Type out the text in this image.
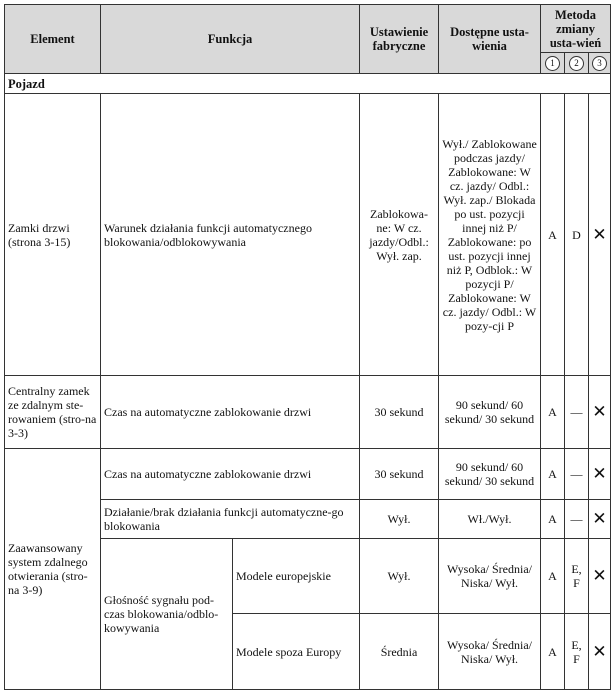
Element	Funkcja		Ustawienie fabryczne	Dostępne usta-wienia	Metoda zmiany usta-wień		
					1	2	3
Pojazd							
Zamki drzwi (strona 3-15)	Warunek działania funkcji automatycznego blokowania/odblokowywania		Zablokowa-ne: W cz. jazdy/Odbl.: Wył. zap.	Wył./ Zablokowane podczas jazdy/ Zablokowane: W cz. jazdy/ Odbl.: Wył. zap./ Blokada po ust. pozycji innej niż P/ Zablokowane: po ust. pozycji innej niż P, Odblok.: W pozycji P/ Zablokowane: W cz. jazdy/ Odbl.: W pozy-cji P	A	D	✕
Centralny zamek ze zdalnym ste-rowaniem (stro-na 3-3)	Czas na automatyczne zablokowanie drzwi		30 sekund	90 sekund/ 60 sekund/ 30 sekund	A	—	✕
Zaawansowany system zdalnego otwierania (stro-na 3-9)	Czas na automatyczne zablokowanie drzwi		30 sekund	90 sekund/ 60 sekund/ 30 sekund	A	—	✕
	Działanie/brak działania funkcji automatyczne-go blokowania		Wył.	Wł./Wył.	A	—	✕
	Głośność sygnału pod-czas blokowania/odblo-kowywania	Modele europejskie	Wył.	Wysoka/ Średnia/ Niska/ Wył.	A	E, F	✕
		Modele spoza Europy	Średnia	Wysoka/ Średnia/ Niska/ Wył.	A	E, F	✕
